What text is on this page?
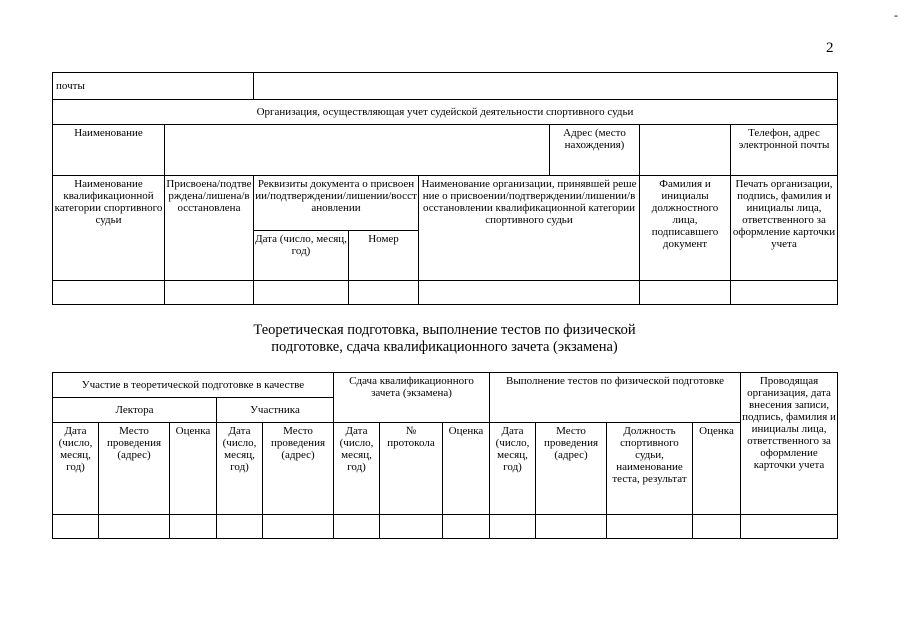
2
-
почты								
Организация, осуществляющая учет судейской деятельности спортивного судьи								
Наименование					Адрес (место нахождения)		Телефон, адрес электронной почты	
Наименование квалификационной категории спортивного судьи	Присвоена/подтверждена/лишена/восстановлена	Реквизиты документа о присвоении/подтверждении/лишении/восстановлении		Наименование организации, принявшей решение о присвоении/подтверждении/лишении/восстановлении квалификационной категории спортивного судьи		Фамилия и инициалы должностного лица, подписавшего документ	Печать организации, подпись, фамилия и инициалы лица, ответственного за оформление карточки учета	
		Дата (число, месяц, год)	Номер					

Теоретическая подготовка, выполнение тестов по физической
подготовке, сдача квалификационного зачета (экзамена)
Участие в теоретической подготовке в качестве					Сдача квалификационного зачета (экзамена)			Выполнение тестов по физической подготовке				Проводящая организация, дата внесения записи, подпись, фамилия и инициалы лица, ответственного за оформление карточки учета
Лектора			Участника									
Дата (число, месяц, год)	Место проведения (адрес)	Оценка	Дата (число, месяц, год)	Место проведения (адрес)	Дата (число, месяц, год)	№ протокола	Оценка	Дата (число, месяц, год)	Место проведения (адрес)	Должность спортивного судьи, наименование теста, результат	Оценка	
